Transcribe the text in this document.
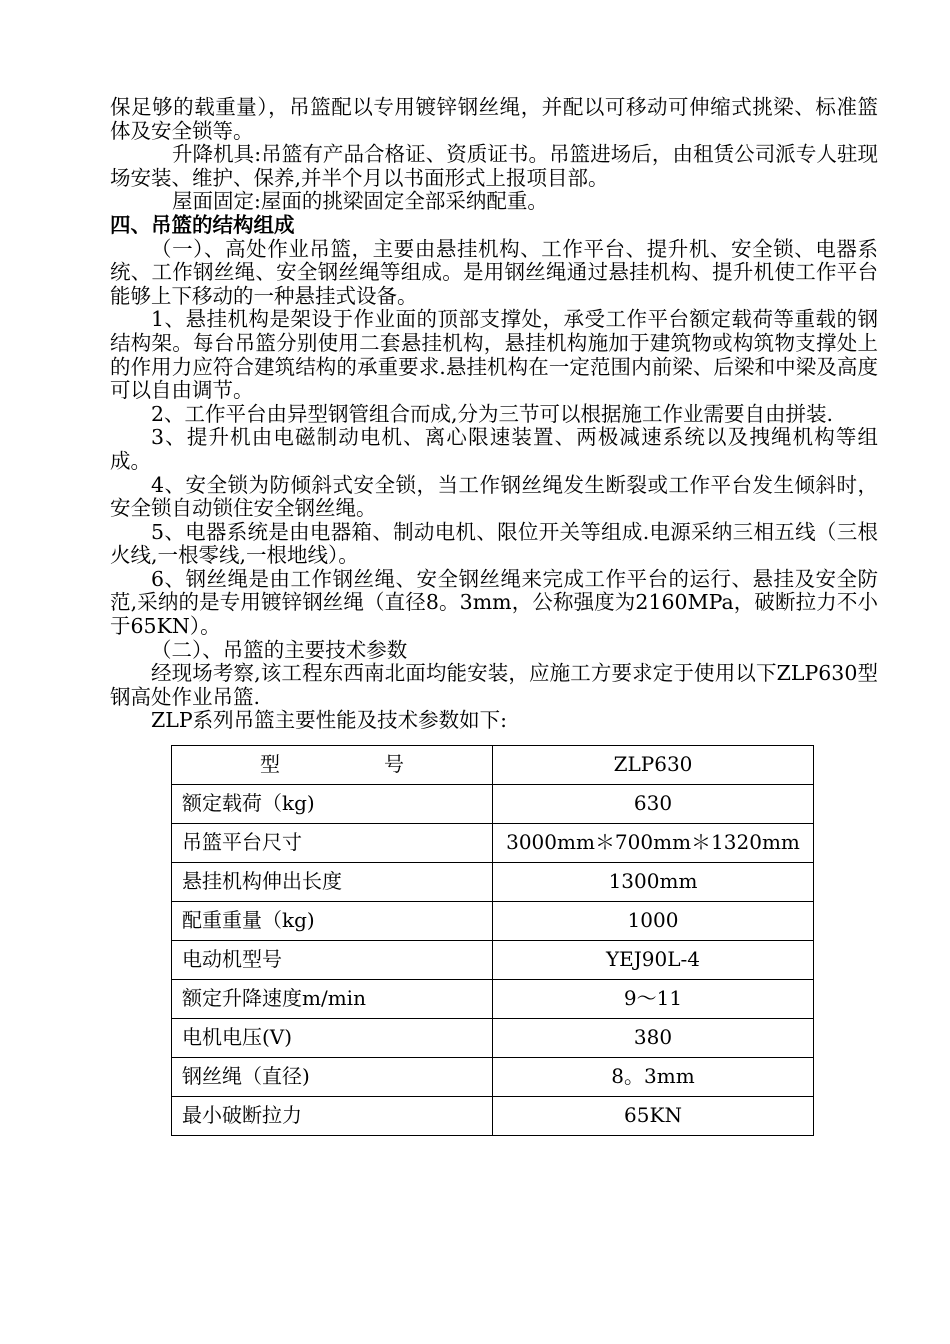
保足够的载重量），吊篮配以专用镀锌钢丝绳，并配以可移动可伸缩式挑梁、标准篮体及安全锁等。

升降机具:吊篮有产品合格证、资质证书。吊篮进场后，由租赁公司派专人驻现场安装、维护、保养,并半个月以书面形式上报项目部。

屋面固定:屋面的挑梁固定全部采纳配重。

四、吊篮的结构组成

（一）、高处作业吊篮，主要由悬挂机构、工作平台、提升机、安全锁、电器系统、工作钢丝绳、安全钢丝绳等组成。是用钢丝绳通过悬挂机构、提升机使工作平台能够上下移动的一种悬挂式设备。

1、悬挂机构是架设于作业面的顶部支撑处，承受工作平台额定载荷等重载的钢结构架。每台吊篮分别使用二套悬挂机构，悬挂机构施加于建筑物或构筑物支撑处上的作用力应符合建筑结构的承重要求.悬挂机构在一定范围内前梁、后梁和中梁及高度可以自由调节。

2、工作平台由异型钢管组合而成,分为三节可以根据施工作业需要自由拼装.

3、提升机由电磁制动电机、离心限速装置、两极减速系统以及拽绳机构等组成。

4、安全锁为防倾斜式安全锁，当工作钢丝绳发生断裂或工作平台发生倾斜时，安全锁自动锁住安全钢丝绳。

5、电器系统是由电器箱、制动电机、限位开关等组成.电源采纳三相五线（三根火线,一根零线,一根地线）。

6、钢丝绳是由工作钢丝绳、安全钢丝绳来完成工作平台的运行、悬挂及安全防范,采纳的是专用镀锌钢丝绳（直径8。3mm，公称强度为2160MPa，破断拉力不小于65KN）。

（二）、吊篮的主要技术参数

经现场考察,该工程东西南北面均能安装，应施工方要求定于使用以下ZLP630型钢高处作业吊篮.

ZLP系列吊篮主要性能及技术参数如下:

型 号	ZLP630
额定载荷（kg)	630
吊篮平台尺寸	3000mm＊700mm＊1320mm
悬挂机构伸出长度	1300mm
配重重量（kg)	1000
电动机型号	YEJ90L-4
额定升降速度m/min	9～11
电机电压(V)	380
钢丝绳（直径)	8。3mm
最小破断拉力	65KN
